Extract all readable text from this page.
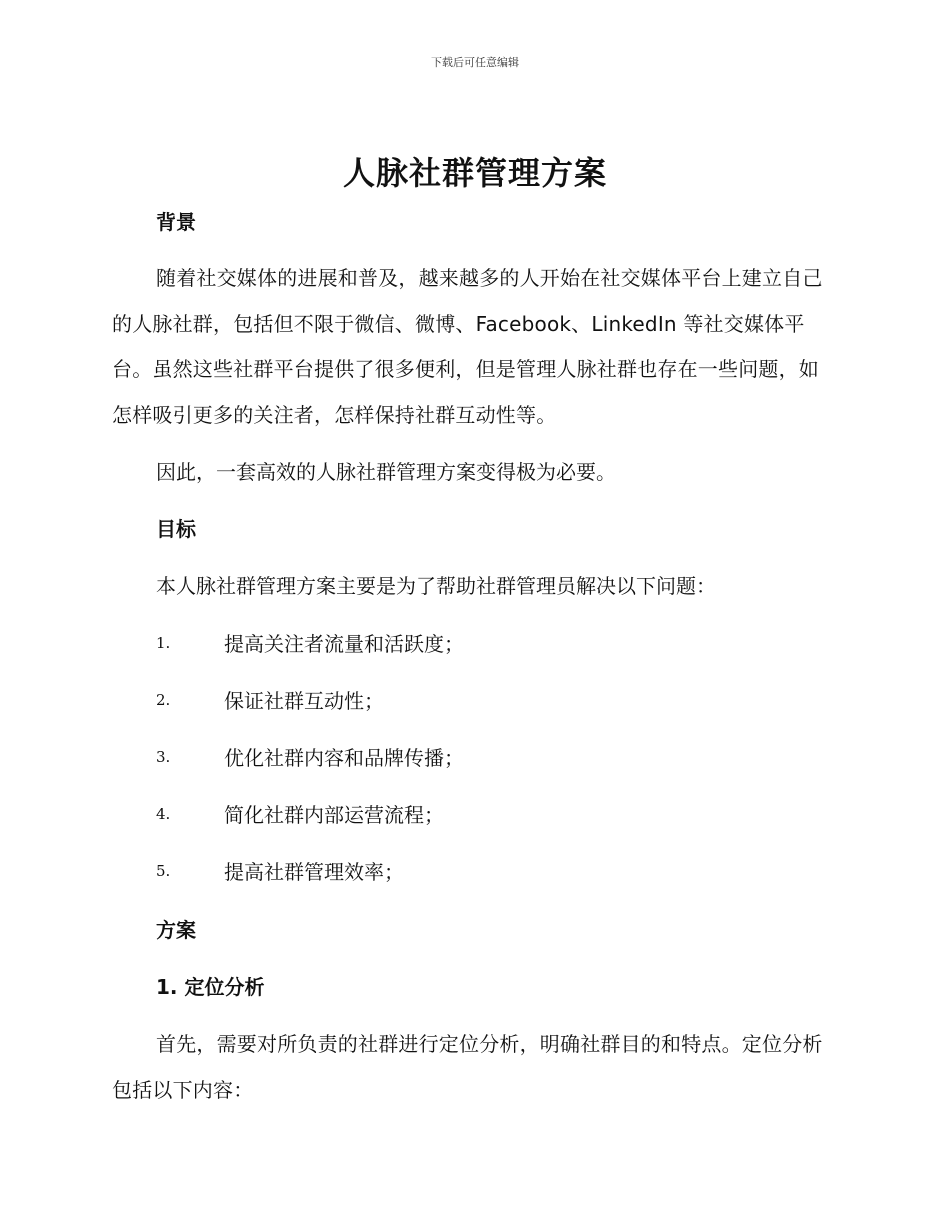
下载后可任意编辑
人脉社群管理方案
背景

随着社交媒体的进展和普及，越来越多的人开始在社交媒体平台上建立自己的人脉社群，包括但不限于微信、微博、Facebook、LinkedIn 等社交媒体平台。虽然这些社群平台提供了很多便利，但是管理人脉社群也存在一些问题，如怎样吸引更多的关注者，怎样保持社群互动性等。

因此，一套高效的人脉社群管理方案变得极为必要。

目标

本人脉社群管理方案主要是为了帮助社群管理员解决以下问题：

1.	提高关注者流量和活跃度；
2.	保证社群互动性；
3.	优化社群内容和品牌传播；
4.	简化社群内部运营流程；
5.	提高社群管理效率；
方案
1. 定位分析

首先，需要对所负责的社群进行定位分析，明确社群目的和特点。定位分析包括以下内容：
